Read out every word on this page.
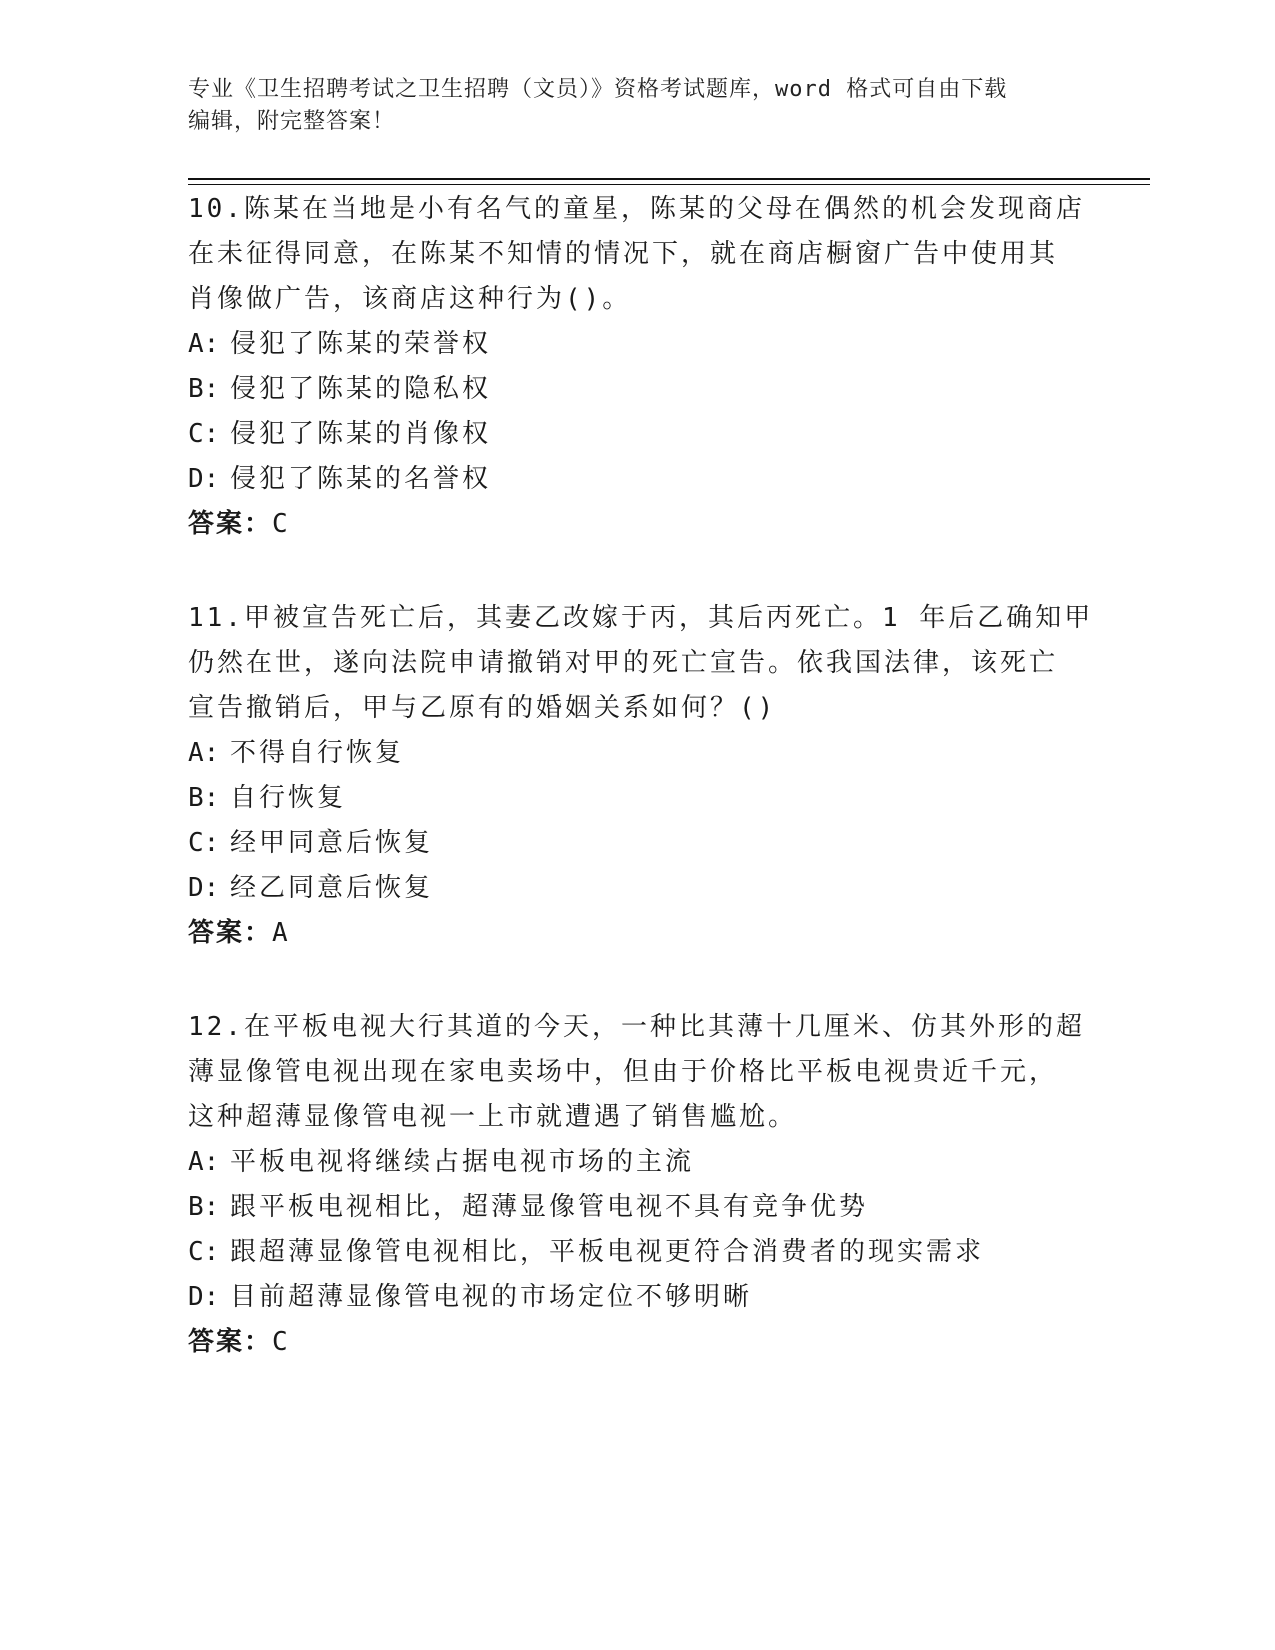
专业《卫生招聘考试之卫生招聘（文员）》资格考试题库，word 格式可自由下载
编辑，附完整答案！
10.陈某在当地是小有名气的童星，陈某的父母在偶然的机会发现商店
在未征得同意，在陈某不知情的情况下，就在商店橱窗广告中使用其
肖像做广告，该商店这种行为()。
A: 侵犯了陈某的荣誉权
B: 侵犯了陈某的隐私权
C: 侵犯了陈某的肖像权
D: 侵犯了陈某的名誉权
答案：C
11.甲被宣告死亡后，其妻乙改嫁于丙，其后丙死亡。1 年后乙确知甲
仍然在世，遂向法院申请撤销对甲的死亡宣告。依我国法律，该死亡
宣告撤销后，甲与乙原有的婚姻关系如何？()
A: 不得自行恢复
B: 自行恢复
C: 经甲同意后恢复
D: 经乙同意后恢复
答案：A
12.在平板电视大行其道的今天，一种比其薄十几厘米、仿其外形的超
薄显像管电视出现在家电卖场中，但由于价格比平板电视贵近千元，
这种超薄显像管电视一上市就遭遇了销售尴尬。
A: 平板电视将继续占据电视市场的主流
B: 跟平板电视相比，超薄显像管电视不具有竞争优势
C: 跟超薄显像管电视相比，平板电视更符合消费者的现实需求
D: 目前超薄显像管电视的市场定位不够明晰
答案：C
